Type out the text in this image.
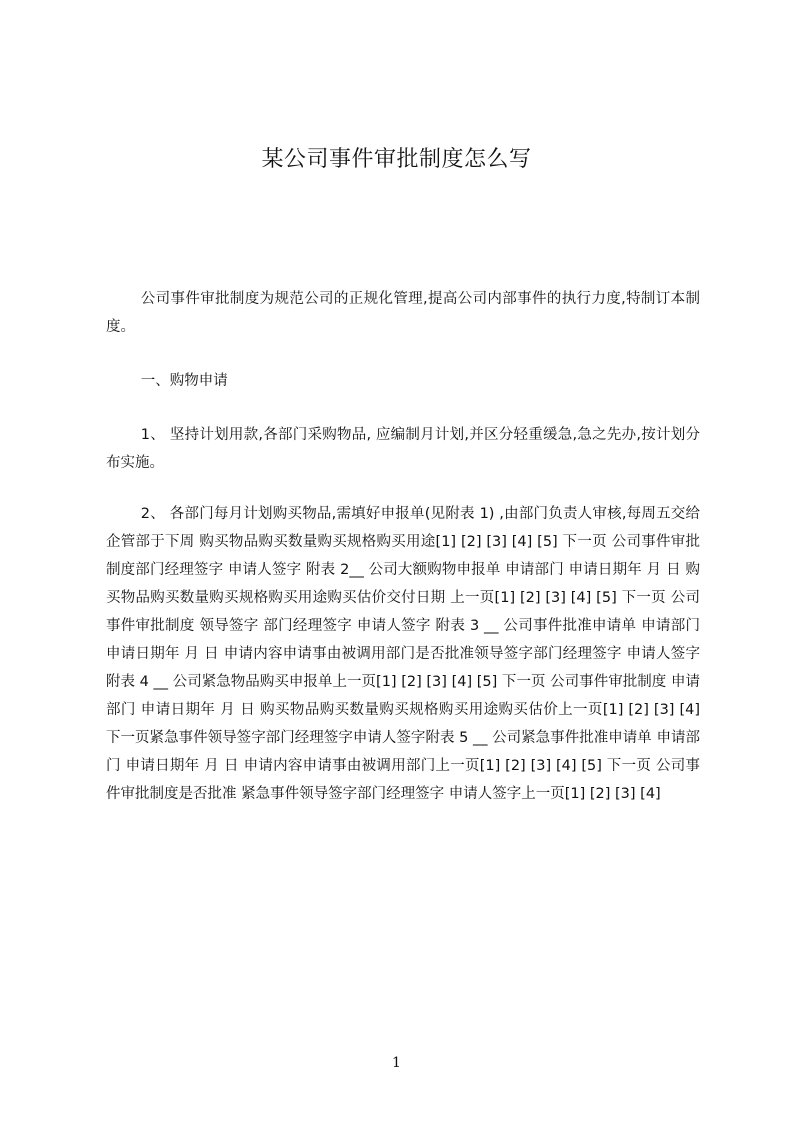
某公司事件审批制度怎么写
公司事件审批制度为规范公司的正规化管理,提高公司内部事件的执行力度,特制订本制度。
一、购物申请
1、 坚持计划用款,各部门采购物品, 应编制月计划,并区分轻重缓急,急之先办,按计划分布实施。
2、 各部门每月计划购买物品,需填好申报单(见附表 1) ,由部门负责人审核,每周五交给企管部于下周 购买物品购买数量购买规格购买用途[1] [2] [3] [4] [5] 下一页 公司事件审批制度部门经理签字 申请人签字 附表 2__ 公司大额购物申报单 申请部门 申请日期年 月 日 购买物品购买数量购买规格购买用途购买估价交付日期 上一页[1] [2] [3] [4] [5] 下一页 公司事件审批制度 领导签字 部门经理签字 申请人签字 附表 3 __ 公司事件批准申请单 申请部门 申请日期年 月 日 申请内容申请事由被调用部门是否批准领导签字部门经理签字 申请人签字附表 4 __ 公司紧急物品购买申报单上一页[1] [2] [3] [4] [5] 下一页 公司事件审批制度 申请部门 申请日期年 月 日 购买物品购买数量购买规格购买用途购买估价上一页[1] [2] [3] [4] 下一页紧急事件领导签字部门经理签字申请人签字附表 5 __ 公司紧急事件批准申请单 申请部门 申请日期年 月 日 申请内容申请事由被调用部门上一页[1] [2] [3] [4] [5] 下一页 公司事件审批制度是否批准 紧急事件领导签字部门经理签字 申请人签字上一页[1] [2] [3] [4]
1
